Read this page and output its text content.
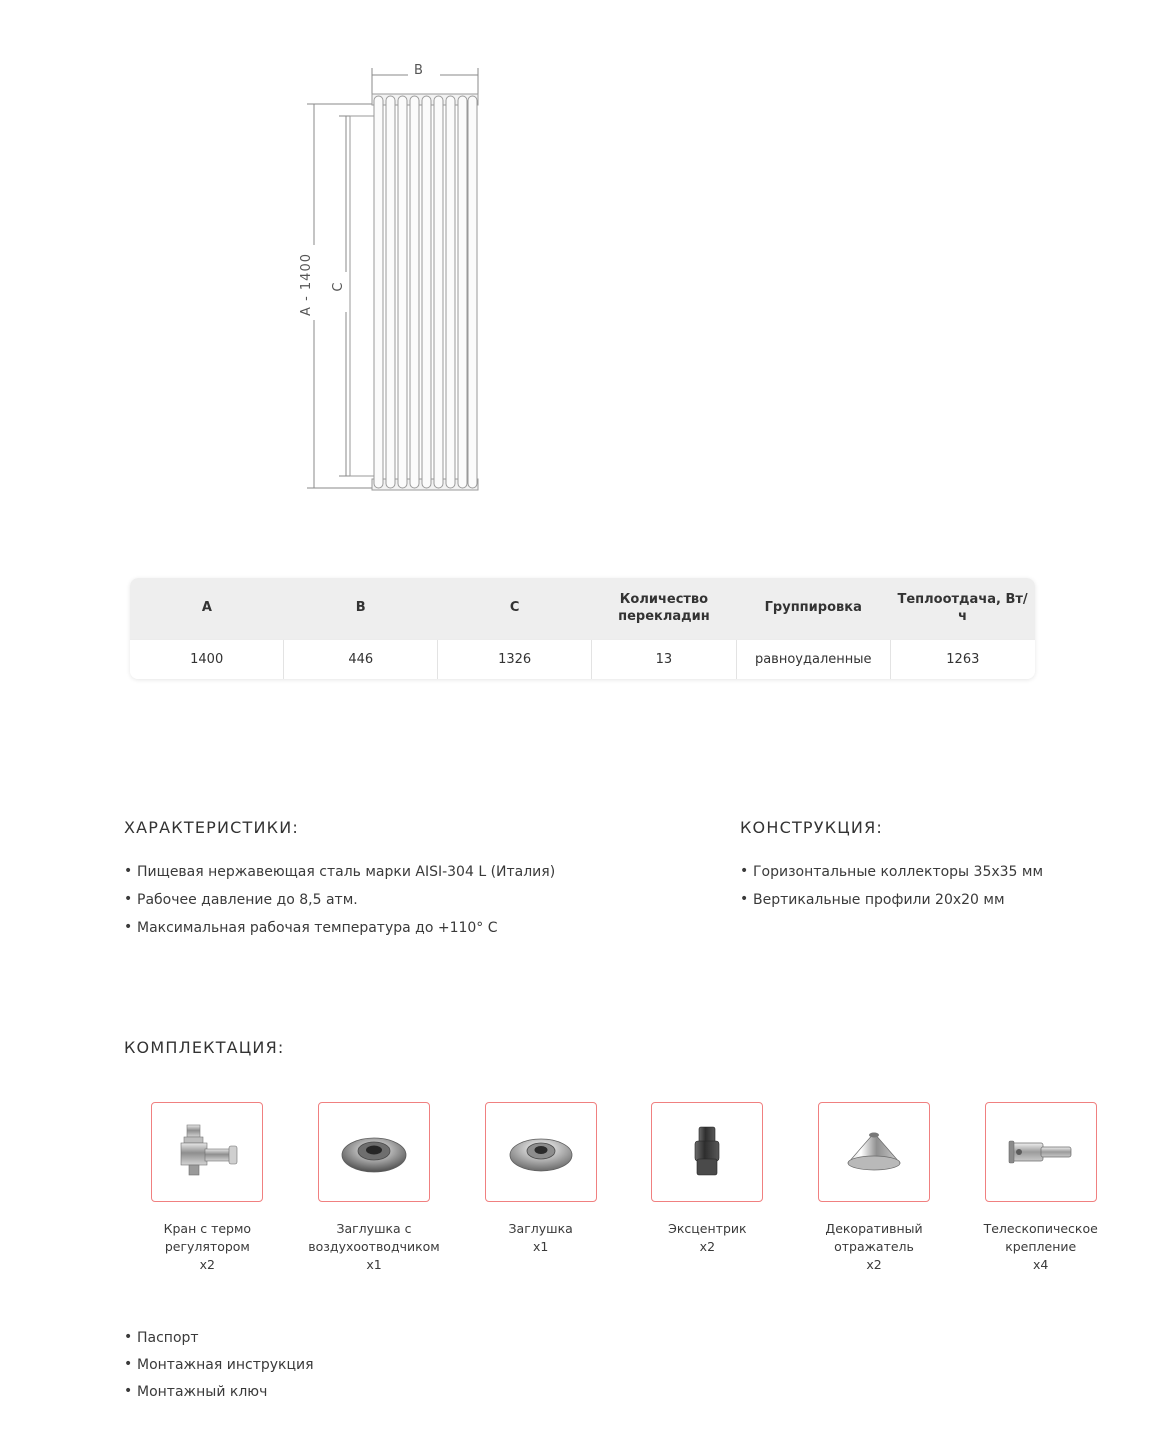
B
A - 1400 C
A	B	C	Количество перекладин	Группировка	Теплоотдача, Вт/ч
1400	446	1326	13	равноудаленные	1263
ХАРАКТЕРИСТИКИ:
• Пищевая нержавеющая сталь марки AISI-304 L (Италия)
• Рабочее давление до 8,5 атм.
• Максимальная рабочая температура до +110° С
КОНСТРУКЦИЯ:
• Горизонтальные коллекторы 35х35 мм
• Вертикальные профили 20х20 мм
КОМПЛЕКТАЦИЯ:
Кран с термо регулятором
х2
Заглушка с воздухоотводчиком
х1
Заглушка
х1
Эксцентрик
х2
Декоративный отражатель
х2
Телескопическое крепление
х4
• Паспорт
• Монтажная инструкция
• Монтажный ключ
